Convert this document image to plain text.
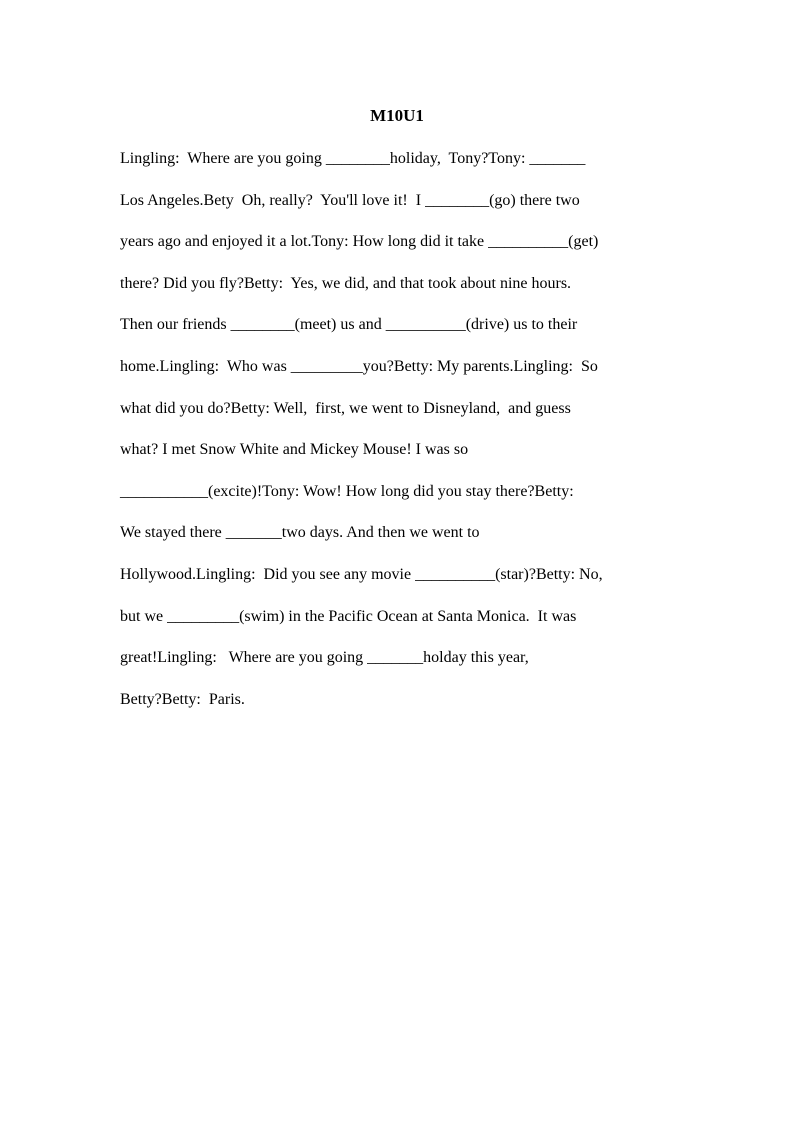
M10U1
Lingling:  Where are you going ________holiday,  Tony?Tony: _______
Los Angeles.Bety  Oh, really?  You'll love it!  I ________(go) there two
years ago and enjoyed it a lot.Tony: How long did it take __________(get)
there? Did you fly?Betty:  Yes, we did, and that took about nine hours.
Then our friends ________(meet) us and __________(drive) us to their
home.Lingling:  Who was _________you?Betty: My parents.Lingling:  So
what did you do?Betty: Well,  first, we went to Disneyland,  and guess
what? I met Snow White and Mickey Mouse! I was so
___________(excite)!Tony: Wow! How long did you stay there?Betty:
We stayed there _______two days. And then we went to
Hollywood.Lingling:  Did you see any movie __________(star)?Betty: No,
but we _________(swim) in the Pacific Ocean at Santa Monica.  It was
great!Lingling:   Where are you going _______holday this year,
Betty?Betty:  Paris.
